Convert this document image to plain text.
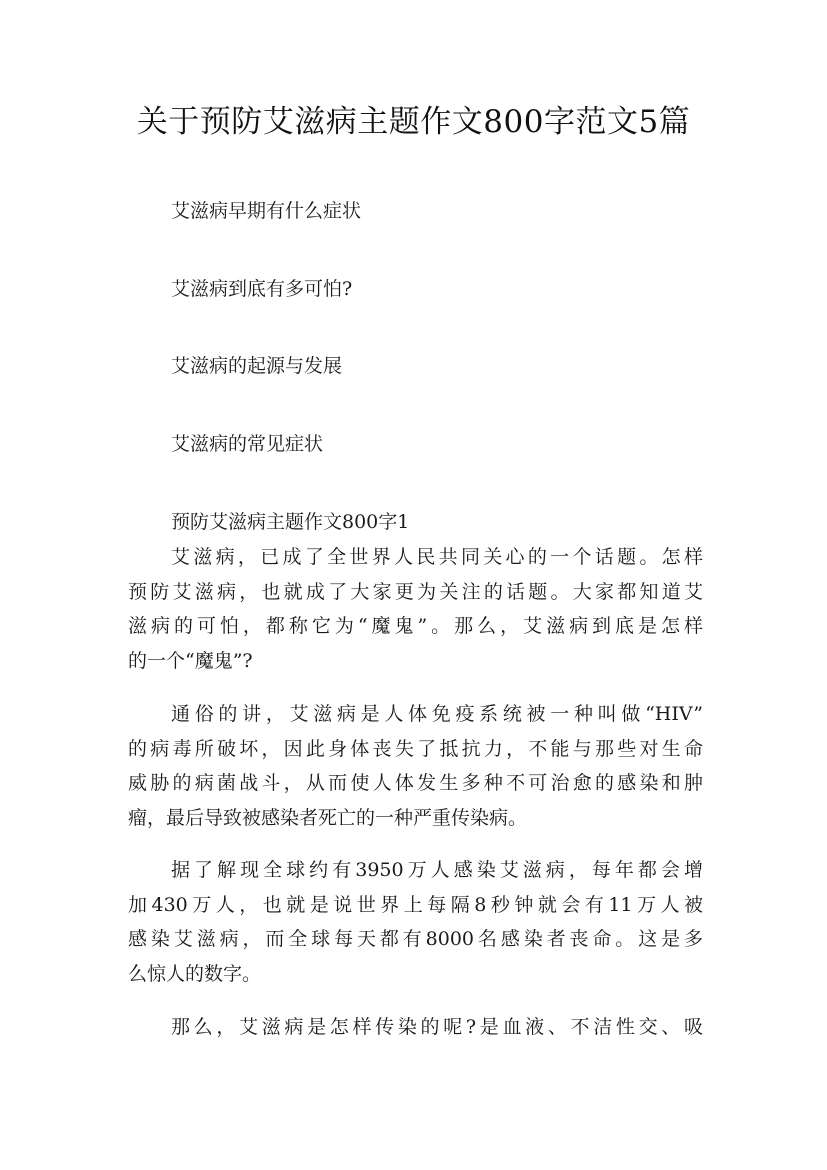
关于预防艾滋病主题作文800字范文5篇
艾滋病早期有什么症状
艾滋病到底有多可怕?
艾滋病的起源与发展
艾滋病的常见症状
预防艾滋病主题作文800字1
艾滋病，已成了全世界人民共同关心的一个话题。怎样
预防艾滋病，也就成了大家更为关注的话题。大家都知道艾
滋病的可怕，都称它为“魔鬼”。那么，艾滋病到底是怎样
的一个“魔鬼”?
通俗的讲，艾滋病是人体免疫系统被一种叫做“HIV”
的病毒所破坏，因此身体丧失了抵抗力，不能与那些对生命
威胁的病菌战斗，从而使人体发生多种不可治愈的感染和肿
瘤，最后导致被感染者死亡的一种严重传染病。
据了解现全球约有3950万人感染艾滋病，每年都会增
加430万人，也就是说世界上每隔8秒钟就会有11万人被
感染艾滋病，而全球每天都有8000名感染者丧命。这是多
么惊人的数字。
那么，艾滋病是怎样传染的呢?是血液、不洁性交、吸
